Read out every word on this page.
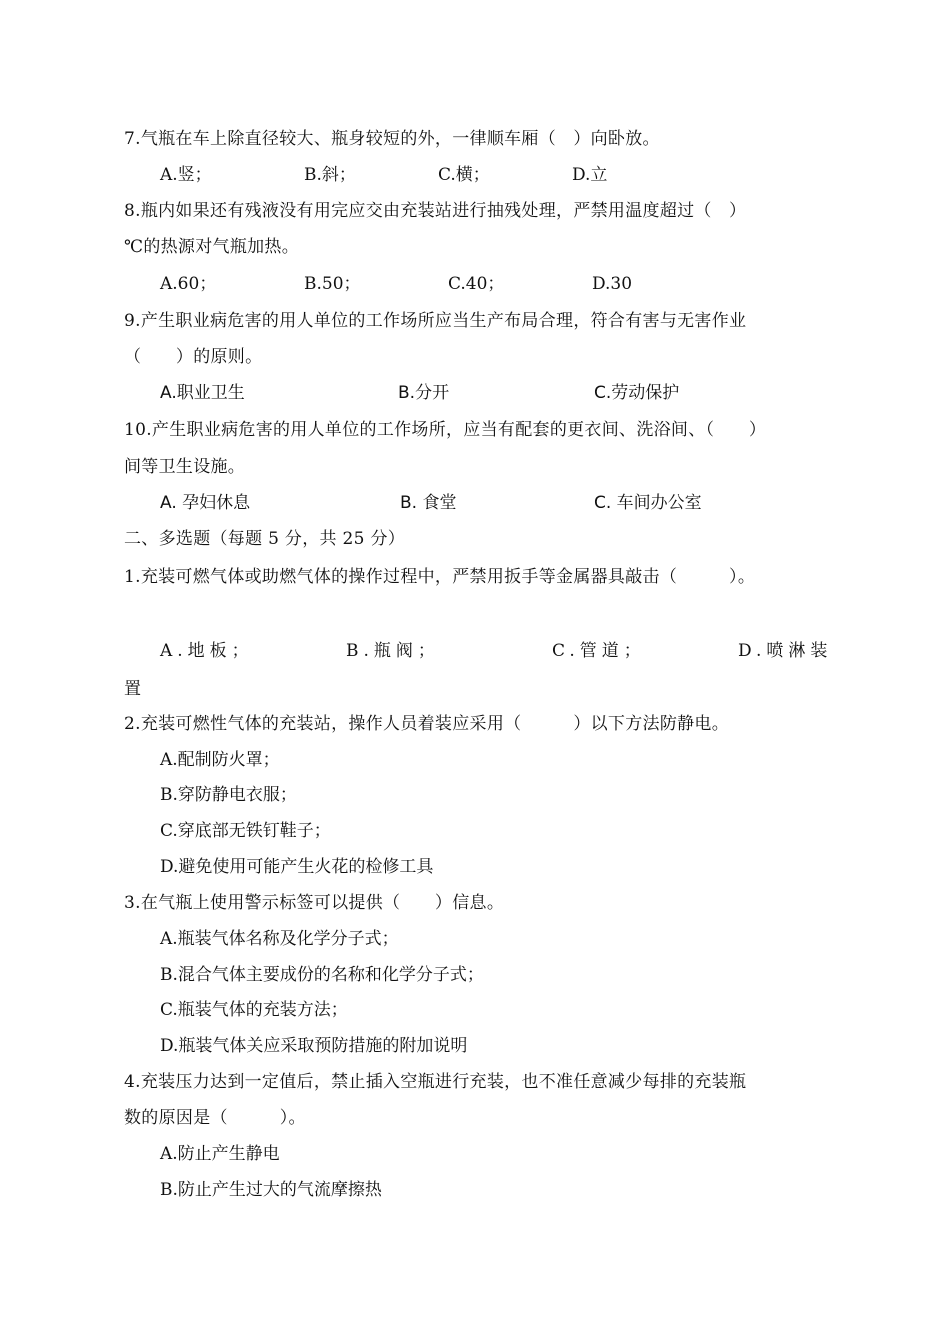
7.气瓶在车上除直径较大、瓶身较短的外，一律顺车厢（　）向卧放。
A.竖；	B.斜；	C.横；	D.立
8.瓶内如果还有残液没有用完应交由充装站进行抽残处理，严禁用温度超过（　）
℃的热源对气瓶加热。
A.60；	B.50；	C.40；	D.30
9.产生职业病危害的用人单位的工作场所应当生产布局合理，符合有害与无害作业
（　　）的原则。
A.职业卫生	B.分开	C.劳动保护
10.产生职业病危害的用人单位的工作场所，应当有配套的更衣间、洗浴间、（　　）
间等卫生设施。
A. 孕妇休息	B. 食堂	C. 车间办公室
二、多选题（每题 5 分，共 25 分）
1.充装可燃气体或助燃气体的操作过程中，严禁用扳手等金属器具敲击（　　　）。
A.地板；	B.瓶阀；	C.管道；	D.喷淋装
置
2.充装可燃性气体的充装站，操作人员着装应采用（　　　）以下方法防静电。
A.配制防火罩；
B.穿防静电衣服；
C.穿底部无铁钉鞋子；
D.避免使用可能产生火花的检修工具
3.在气瓶上使用警示标签可以提供（　　）信息。
A.瓶装气体名称及化学分子式；
B.混合气体主要成份的名称和化学分子式；
C.瓶装气体的充装方法；
D.瓶装气体关应采取预防措施的附加说明
4.充装压力达到一定值后，禁止插入空瓶进行充装，也不准任意减少每排的充装瓶
数的原因是（　　　）。
A.防止产生静电
B.防止产生过大的气流摩擦热
